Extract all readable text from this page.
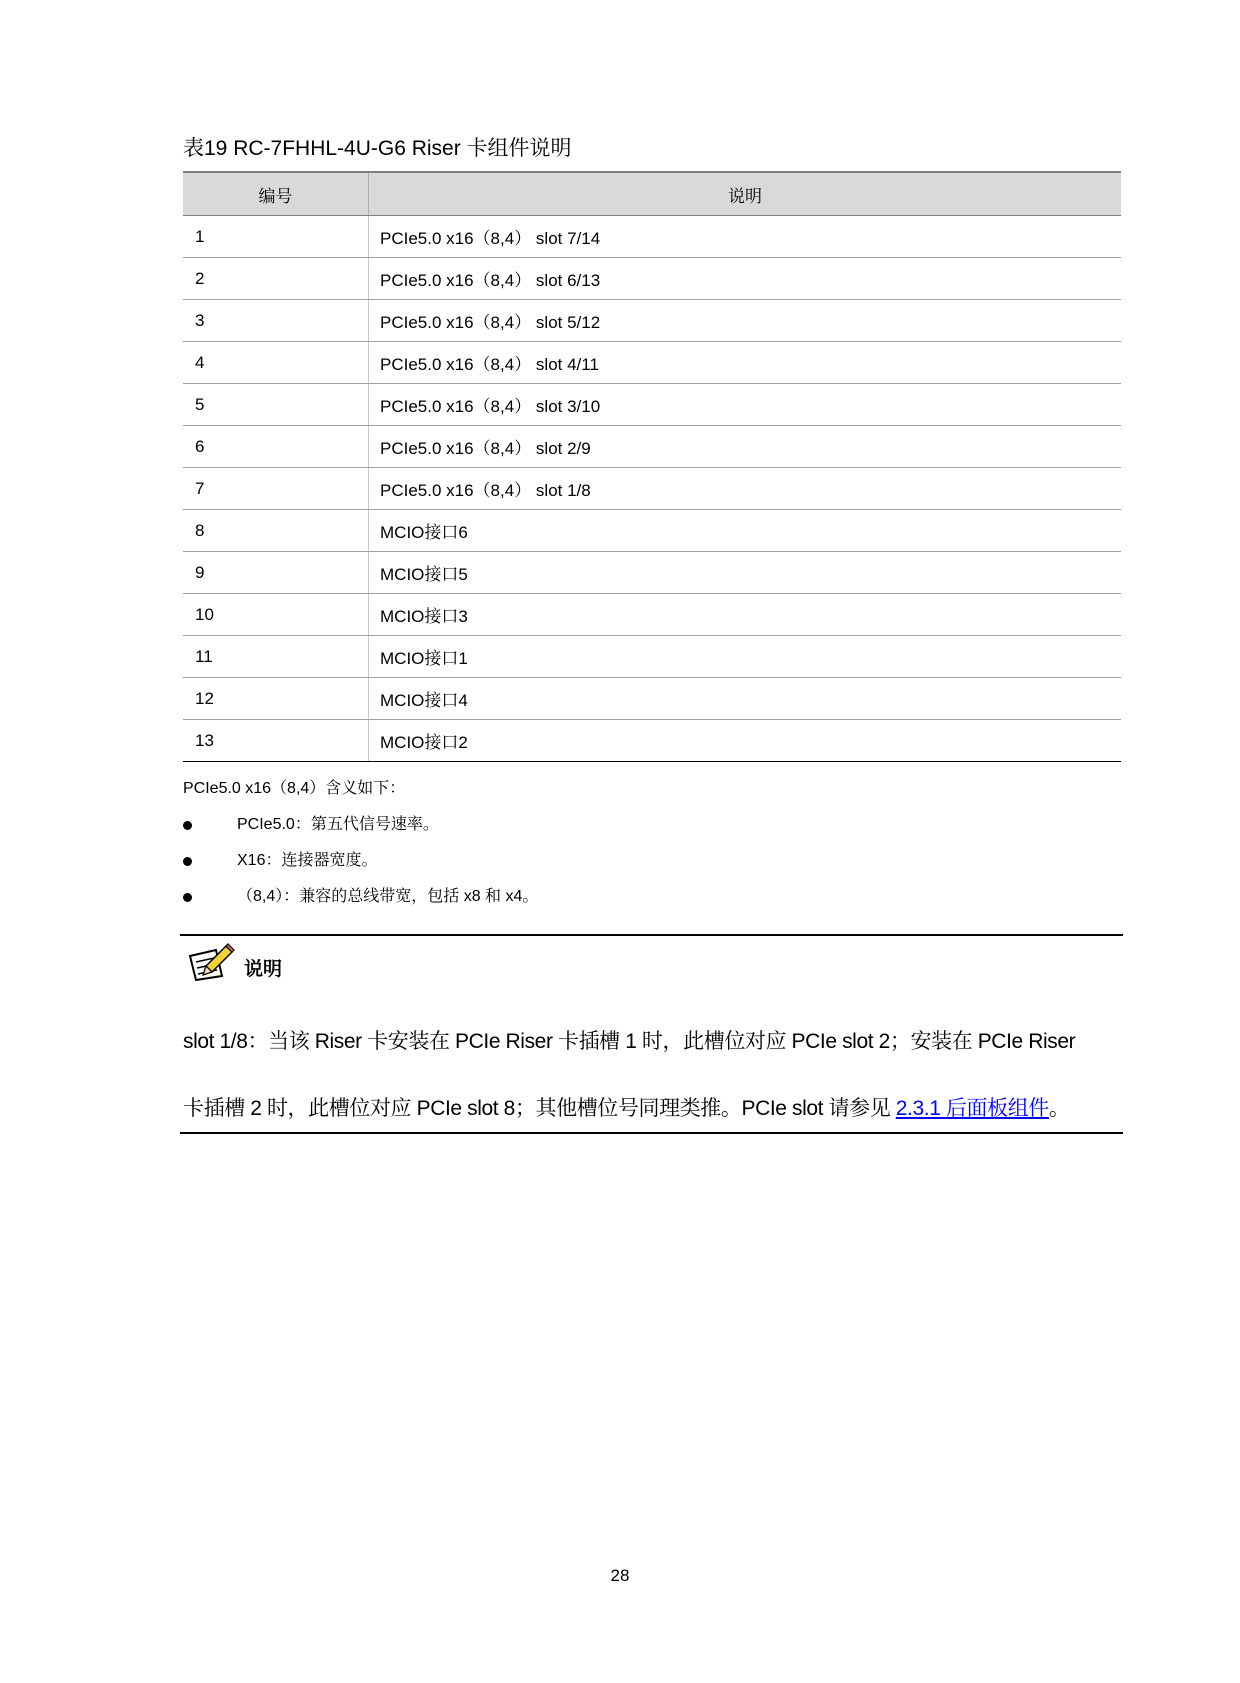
表19 RC-7FHHL-4U-G6 Riser 卡组件说明
编号	说明
1	PCIe5.0 x16（8,4） slot 7/14
2	PCIe5.0 x16（8,4） slot 6/13
3	PCIe5.0 x16（8,4） slot 5/12
4	PCIe5.0 x16（8,4） slot 4/11
5	PCIe5.0 x16（8,4） slot 3/10
6	PCIe5.0 x16（8,4） slot 2/9
7	PCIe5.0 x16（8,4） slot 1/8
8	MCIO接口6
9	MCIO接口5
10	MCIO接口3
11	MCIO接口1
12	MCIO接口4
13	MCIO接口2
PCIe5.0 x16（8,4）含义如下：
PCIe5.0：第五代信号速率。
X16：连接器宽度。
（8,4）：兼容的总线带宽，包括 x8 和 x4。
说明
slot 1/8：当该 Riser 卡安装在 PCIe Riser 卡插槽 1 时，此槽位对应 PCIe slot 2；安装在 PCIe Riser
卡插槽 2 时，此槽位对应 PCIe slot 8；其他槽位号同理类推。PCIe slot 请参见 2.3.1 后面板组件。
28
